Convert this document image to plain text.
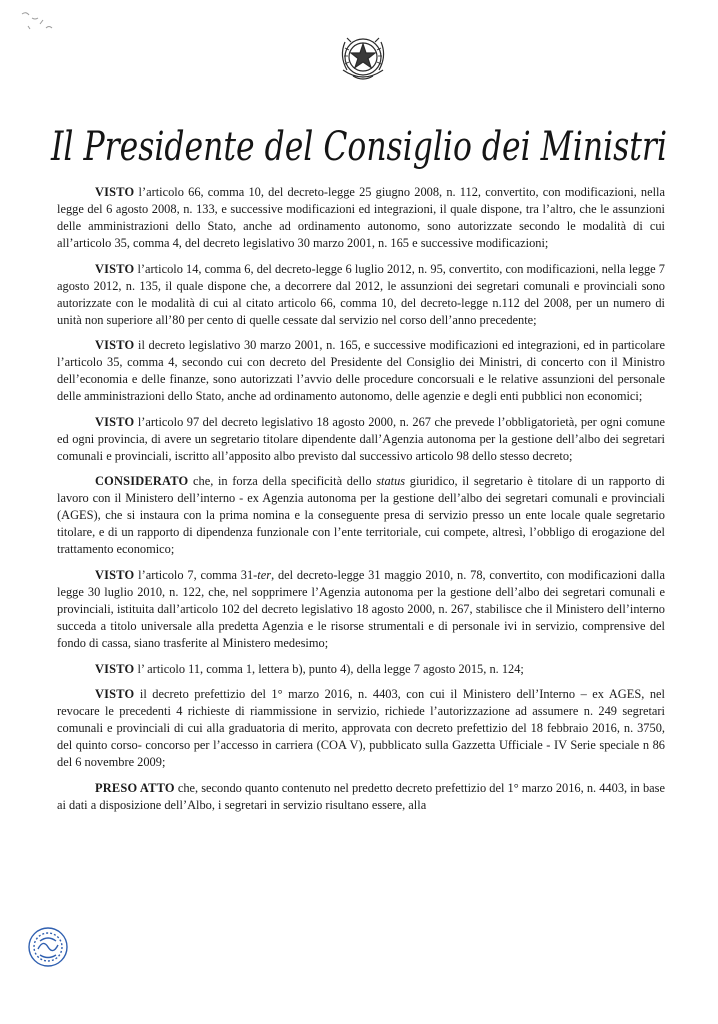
Il Presidente del Consiglio dei Ministri

VISTO l’articolo 66, comma 10, del decreto-legge 25 giugno 2008, n. 112, convertito, con modificazioni, nella legge del 6 agosto 2008, n. 133, e successive modificazioni ed integrazioni, il quale dispone, tra l’altro, che le assunzioni delle amministrazioni dello Stato, anche ad ordinamento autonomo, sono autorizzate secondo le modalità di cui all’articolo 35, comma 4, del decreto legislativo 30 marzo 2001, n. 165 e successive modificazioni;

VISTO l’articolo 14, comma 6, del decreto-legge 6 luglio 2012, n. 95, convertito, con modificazioni, nella legge 7 agosto 2012, n. 135, il quale dispone che, a decorrere dal 2012, le assunzioni dei segretari comunali e provinciali sono autorizzate con le modalità di cui al citato articolo 66, comma 10, del decreto-legge n.112 del 2008, per un numero di unità non superiore all’80 per cento di quelle cessate dal servizio nel corso dell’anno precedente;

VISTO il decreto legislativo 30 marzo 2001, n. 165, e successive modificazioni ed integrazioni, ed in particolare l’articolo 35, comma 4, secondo cui con decreto del Presidente del Consiglio dei Ministri, di concerto con il Ministro dell’economia e delle finanze, sono autorizzati l’avvio delle procedure concorsuali e le relative assunzioni del personale delle amministrazioni dello Stato, anche ad ordinamento autonomo, delle agenzie e degli enti pubblici non economici;

VISTO l’articolo 97 del decreto legislativo 18 agosto 2000, n. 267 che prevede l’obbligatorietà, per ogni comune ed ogni provincia, di avere un segretario titolare dipendente dall’Agenzia autonoma per la gestione dell’albo dei segretari comunali e provinciali, iscritto all’apposito albo previsto dal successivo articolo 98 dello stesso decreto;

CONSIDERATO che, in forza della specificità dello status giuridico, il segretario è titolare di un rapporto di lavoro con il Ministero dell’interno - ex Agenzia autonoma per la gestione dell’albo dei segretari comunali e provinciali (AGES), che si instaura con la prima nomina e la conseguente presa di servizio presso un ente locale quale segretario titolare, e di un rapporto di dipendenza funzionale con l’ente territoriale, cui compete, altresì, l’obbligo di erogazione del trattamento economico;

VISTO l’articolo 7, comma 31-ter, del decreto-legge 31 maggio 2010, n. 78, convertito, con modificazioni dalla legge 30 luglio 2010, n. 122, che, nel sopprimere l’Agenzia autonoma per la gestione dell’albo dei segretari comunali e provinciali, istituita dall’articolo 102 del decreto legislativo 18 agosto 2000, n. 267, stabilisce che il Ministero dell’interno succeda a titolo universale alla predetta Agenzia e le risorse strumentali e di personale ivi in servizio, comprensive del fondo di cassa, siano trasferite al Ministero medesimo;

VISTO l’ articolo 11, comma 1, lettera b), punto 4), della legge 7 agosto 2015, n. 124;

VISTO il decreto prefettizio del 1° marzo 2016, n. 4403, con cui il Ministero dell’Interno – ex AGES, nel revocare le precedenti 4 richieste di riammissione in servizio, richiede l’autorizzazione ad assumere n. 249 segretari comunali e provinciali di cui alla graduatoria di merito, approvata con decreto prefettizio del 18 febbraio 2016, n. 3750, del quinto corso- concorso per l’accesso in carriera (COA V), pubblicato sulla Gazzetta Ufficiale - IV Serie speciale n 86 del 6 novembre 2009;

PRESO ATTO che, secondo quanto contenuto nel predetto decreto prefettizio del 1° marzo 2016, n. 4403, in base ai dati a disposizione dell’Albo, i segretari in servizio risultano essere, alla
